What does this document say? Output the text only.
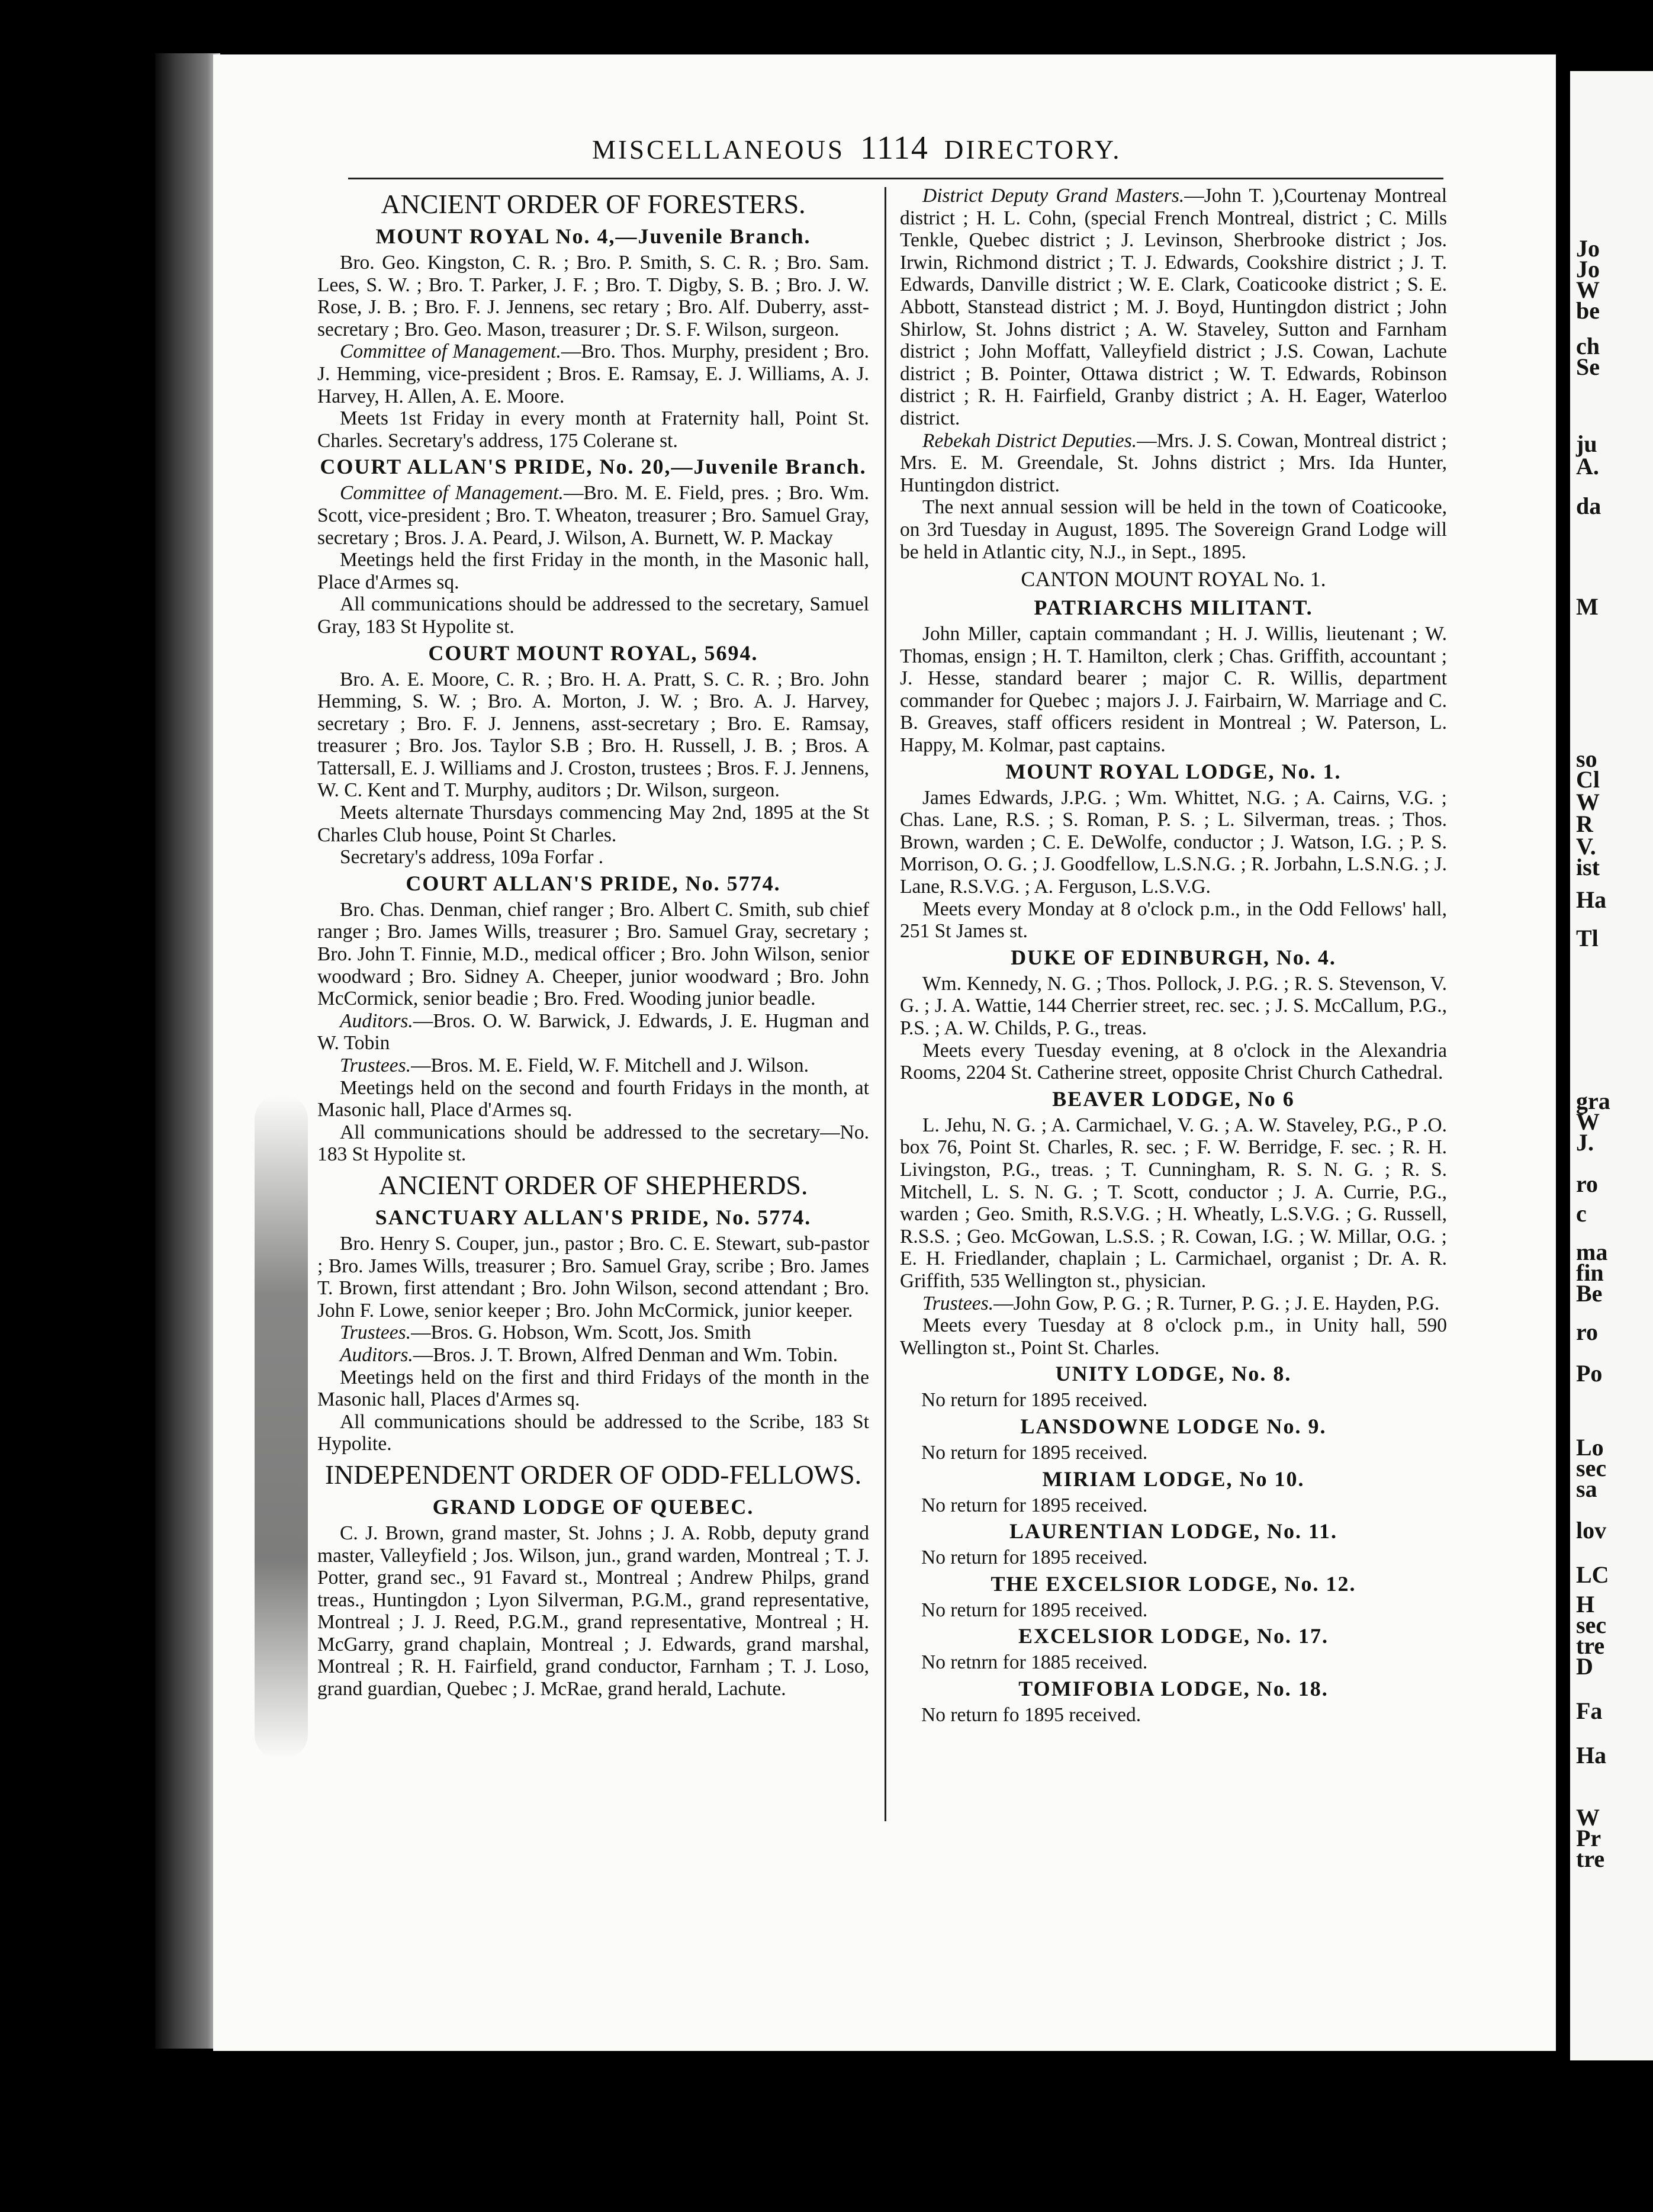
Jo
Jo
W
be
ch
Se
ju
A.
da
M
so
Cl
W
R
V.
ist
Ha
Tl
gra
W
J.
ro
c
ma
fin
Be
ro
Po
Lo
sec
sa
lov
LC
H
sec
tre
D
Fa
Ha
W
Pr
tre
MISCELLANEOUS 1114 DIRECTORY.
ANCIENT ORDER OF FORESTERS.
MOUNT ROYAL No. 4,—Juvenile Branch.
Bro. Geo. Kingston, C. R. ; Bro. P. Smith, S. C. R. ; Bro. Sam. Lees, S. W. ; Bro. T. Parker, J. F. ; Bro. T. Digby, S. B. ; Bro. J. W. Rose, J. B. ; Bro. F. J. Jennens, sec retary ; Bro. Alf. Duberry, asst-secretary ; Bro. Geo. Mason, treasurer ; Dr. S. F. Wilson, surgeon.
Committee of Management.—Bro. Thos. Murphy, president ; Bro. J. Hemming, vice-president ; Bros. E. Ramsay, E. J. Williams, A. J. Harvey, H. Allen, A. E. Moore.
Meets 1st Friday in every month at Fraternity hall, Point St. Charles. Secretary's address, 175 Colerane st.
COURT ALLAN'S PRIDE, No. 20,—Juvenile Branch.
Committee of Management.—Bro. M. E. Field, pres. ; Bro. Wm. Scott, vice-president ; Bro. T. Wheaton, treasurer ; Bro. Samuel Gray, secretary ; Bros. J. A. Peard, J. Wilson, A. Burnett, W. P. Mackay
Meetings held the first Friday in the month, in the Masonic hall, Place d'Armes sq.
All communications should be addressed to the secretary, Samuel Gray, 183 St Hypolite st.
COURT MOUNT ROYAL, 5694.
Bro. A. E. Moore, C. R. ; Bro. H. A. Pratt, S. C. R. ; Bro. John Hemming, S. W. ; Bro. A. Morton, J. W. ; Bro. A. J. Harvey, secretary ; Bro. F. J. Jennens, asst-secretary ; Bro. E. Ramsay, treasurer ; Bro. Jos. Taylor S.B ; Bro. H. Russell, J. B. ; Bros. A Tattersall, E. J. Williams and J. Croston, trustees ; Bros. F. J. Jennens, W. C. Kent and T. Murphy, auditors ; Dr. Wilson, surgeon.
Meets alternate Thursdays commencing May 2nd, 1895 at the St Charles Club house, Point St Charles.
Secretary's address, 109a Forfar .
COURT ALLAN'S PRIDE, No. 5774.
Bro. Chas. Denman, chief ranger ; Bro. Albert C. Smith, sub chief ranger ; Bro. James Wills, treasurer ; Bro. Samuel Gray, secretary ; Bro. John T. Finnie, M.D., medical officer ; Bro. John Wilson, senior woodward ; Bro. Sidney A. Cheeper, junior woodward ; Bro. John McCormick, senior beadie ; Bro. Fred. Wooding junior beadle.
Auditors.—Bros. O. W. Barwick, J. Edwards, J. E. Hugman and W. Tobin
Trustees.—Bros. M. E. Field, W. F. Mitchell and J. Wilson.
Meetings held on the second and fourth Fridays in the month, at Masonic hall, Place d'Armes sq.
All communications should be addressed to the secretary—No. 183 St Hypolite st.
ANCIENT ORDER OF SHEPHERDS.
SANCTUARY ALLAN'S PRIDE, No. 5774.
Bro. Henry S. Couper, jun., pastor ; Bro. C. E. Stewart, sub-pastor ; Bro. James Wills, treasurer ; Bro. Samuel Gray, scribe ; Bro. James T. Brown, first attendant ; Bro. John Wilson, second attendant ; Bro. John F. Lowe, senior keeper ; Bro. John McCormick, junior keeper.
Trustees.—Bros. G. Hobson, Wm. Scott, Jos. Smith
Auditors.—Bros. J. T. Brown, Alfred Denman and Wm. Tobin.
Meetings held on the first and third Fridays of the month in the Masonic hall, Places d'Armes sq.
All communications should be addressed to the Scribe, 183 St Hypolite.
INDEPENDENT ORDER OF ODD-FELLOWS.
GRAND LODGE OF QUEBEC.
C. J. Brown, grand master, St. Johns ; J. A. Robb, deputy grand master, Valleyfield ; Jos. Wilson, jun., grand warden, Montreal ; T. J. Potter, grand sec., 91 Favard st., Montreal ; Andrew Philps, grand treas., Huntingdon ; Lyon Silverman, P.G.M., grand representative, Montreal ; J. J. Reed, P.G.M., grand representative, Montreal ; H. McGarry, grand chaplain, Montreal ; J. Edwards, grand marshal, Montreal ; R. H. Fairfield, grand conductor, Farnham ; T. J. Loso, grand guardian, Quebec ; J. McRae, grand herald, Lachute.
District Deputy Grand Masters.—John T. ),Courtenay Montreal district ; H. L. Cohn, (special French Montreal, district ; C. Mills Tenkle, Quebec district ; J. Levinson, Sherbrooke district ; Jos. Irwin, Richmond district ; T. J. Edwards, Cookshire district ; J. T. Edwards, Danville district ; W. E. Clark, Coaticooke district ; S. E. Abbott, Stanstead district ; M. J. Boyd, Huntingdon district ; John Shirlow, St. Johns district ; A. W. Staveley, Sutton and Farnham district ; John Moffatt, Valleyfield district ; J.S. Cowan, Lachute district ; B. Pointer, Ottawa district ; W. T. Edwards, Robinson district ; R. H. Fairfield, Granby district ; A. H. Eager, Waterloo district.
Rebekah District Deputies.—Mrs. J. S. Cowan, Montreal district ; Mrs. E. M. Greendale, St. Johns district ; Mrs. Ida Hunter, Huntingdon district.
The next annual session will be held in the town of Coaticooke, on 3rd Tuesday in August, 1895. The Sovereign Grand Lodge will be held in Atlantic city, N.J., in Sept., 1895.
CANTON MOUNT ROYAL No. 1.
PATRIARCHS MILITANT.
John Miller, captain commandant ; H. J. Willis, lieutenant ; W. Thomas, ensign ; H. T. Hamilton, clerk ; Chas. Griffith, accountant ; J. Hesse, standard bearer ; major C. R. Willis, department commander for Quebec ; majors J. J. Fairbairn, W. Marriage and C. B. Greaves, staff officers resident in Montreal ; W. Paterson, L. Happy, M. Kolmar, past captains.
MOUNT ROYAL LODGE, No. 1.
James Edwards, J.P.G. ; Wm. Whittet, N.G. ; A. Cairns, V.G. ; Chas. Lane, R.S. ; S. Roman, P. S. ; L. Silverman, treas. ; Thos. Brown, warden ; C. E. DeWolfe, conductor ; J. Watson, I.G. ; P. S. Morrison, O. G. ; J. Goodfellow, L.S.N.G. ; R. Jorbahn, L.S.N.G. ; J. Lane, R.S.V.G. ; A. Ferguson, L.S.V.G.
Meets every Monday at 8 o'clock p.m., in the Odd Fellows' hall, 251 St James st.
DUKE OF EDINBURGH, No. 4.
Wm. Kennedy, N. G. ; Thos. Pollock, J. P.G. ; R. S. Stevenson, V. G. ; J. A. Wattie, 144 Cherrier street, rec. sec. ; J. S. McCallum, P.G., P.S. ; A. W. Childs, P. G., treas.
Meets every Tuesday evening, at 8 o'clock in the Alexandria Rooms, 2204 St. Catherine street, opposite Christ Church Cathedral.
BEAVER LODGE, No 6
L. Jehu, N. G. ; A. Carmichael, V. G. ; A. W. Staveley, P.G., P .O. box 76, Point St. Charles, R. sec. ; F. W. Berridge, F. sec. ; R. H. Livingston, P.G., treas. ; T. Cunningham, R. S. N. G. ; R. S. Mitchell, L. S. N. G. ; T. Scott, conductor ; J. A. Currie, P.G., warden ; Geo. Smith, R.S.V.G. ; H. Wheatly, L.S.V.G. ; G. Russell, R.S.S. ; Geo. McGowan, L.S.S. ; R. Cowan, I.G. ; W. Millar, O.G. ; E. H. Friedlander, chaplain ; L. Carmichael, organist ; Dr. A. R. Griffith, 535 Wellington st., physician.
Trustees.—John Gow, P. G. ; R. Turner, P. G. ; J. E. Hayden, P.G.
Meets every Tuesday at 8 o'clock p.m., in Unity hall, 590 Wellington st., Point St. Charles.
UNITY LODGE, No. 8.
No return for 1895 received.
LANSDOWNE LODGE No. 9.
No return for 1895 received.
MIRIAM LODGE, No 10.
No return for 1895 received.
LAURENTIAN LODGE, No. 11.
No return for 1895 received.
THE EXCELSIOR LODGE, No. 12.
No return for 1895 received.
EXCELSIOR LODGE, No. 17.
No retnrn for 1885 received.
TOMIFOBIA LODGE, No. 18.
No return fo 1895 received.
